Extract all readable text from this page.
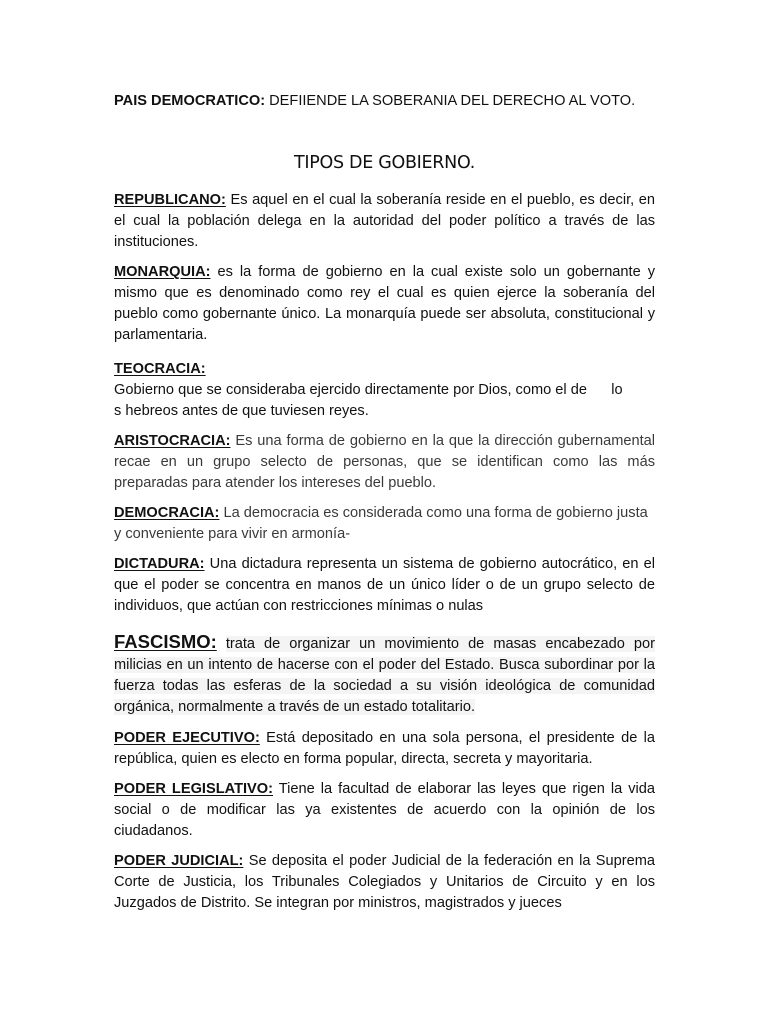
PAIS DEMOCRATICO: DEFIIENDE LA SOBERANIA DEL DERECHO AL VOTO.
TIPOS DE GOBIERNO.
REPUBLICANO: Es aquel en el cual la soberanía reside en el pueblo, es decir, en el cual la población delega en la autoridad del poder político a través de las instituciones.
MONARQUIA: es la forma de gobierno en la cual existe solo un gobernante y mismo que es denominado como rey el cual es quien ejerce la soberanía del pueblo como gobernante único. La monarquía puede ser absoluta, constitucional y parlamentaria.
TEOCRACIA:
Gobierno que se consideraba ejercido directamente por Dios, como el de      lo
s hebreos antes de que tuviesen reyes.
ARISTOCRACIA: Es una forma de gobierno en la que la dirección gubernamental recae en un grupo selecto de personas, que se identifican como las más preparadas para atender los intereses del pueblo.
DEMOCRACIA: La democracia es considerada como una forma de gobierno justa y conveniente para vivir en armonía-
DICTADURA: Una dictadura representa un sistema de gobierno autocrático, en el que el poder se concentra en manos de un único líder o de un grupo selecto de individuos, que actúan con restricciones mínimas o nulas
FASCISMO: trata de organizar un movimiento de masas encabezado por milicias en un intento de hacerse con el poder del Estado. Busca subordinar por la fuerza todas las esferas de la sociedad a su visión ideológica de comunidad orgánica, normalmente a través de un estado totalitario.
PODER EJECUTIVO: Está depositado en una sola persona, el presidente de la república, quien es electo en forma popular, directa, secreta y mayoritaria.
PODER LEGISLATIVO: Tiene la facultad de elaborar las leyes que rigen la vida social o de modificar las ya existentes de acuerdo con la opinión de los ciudadanos.
PODER JUDICIAL: Se deposita el poder Judicial de la federación en la Suprema Corte de Justicia, los Tribunales Colegiados y Unitarios de Circuito y en los Juzgados de Distrito. Se integran por ministros, magistrados y jueces
